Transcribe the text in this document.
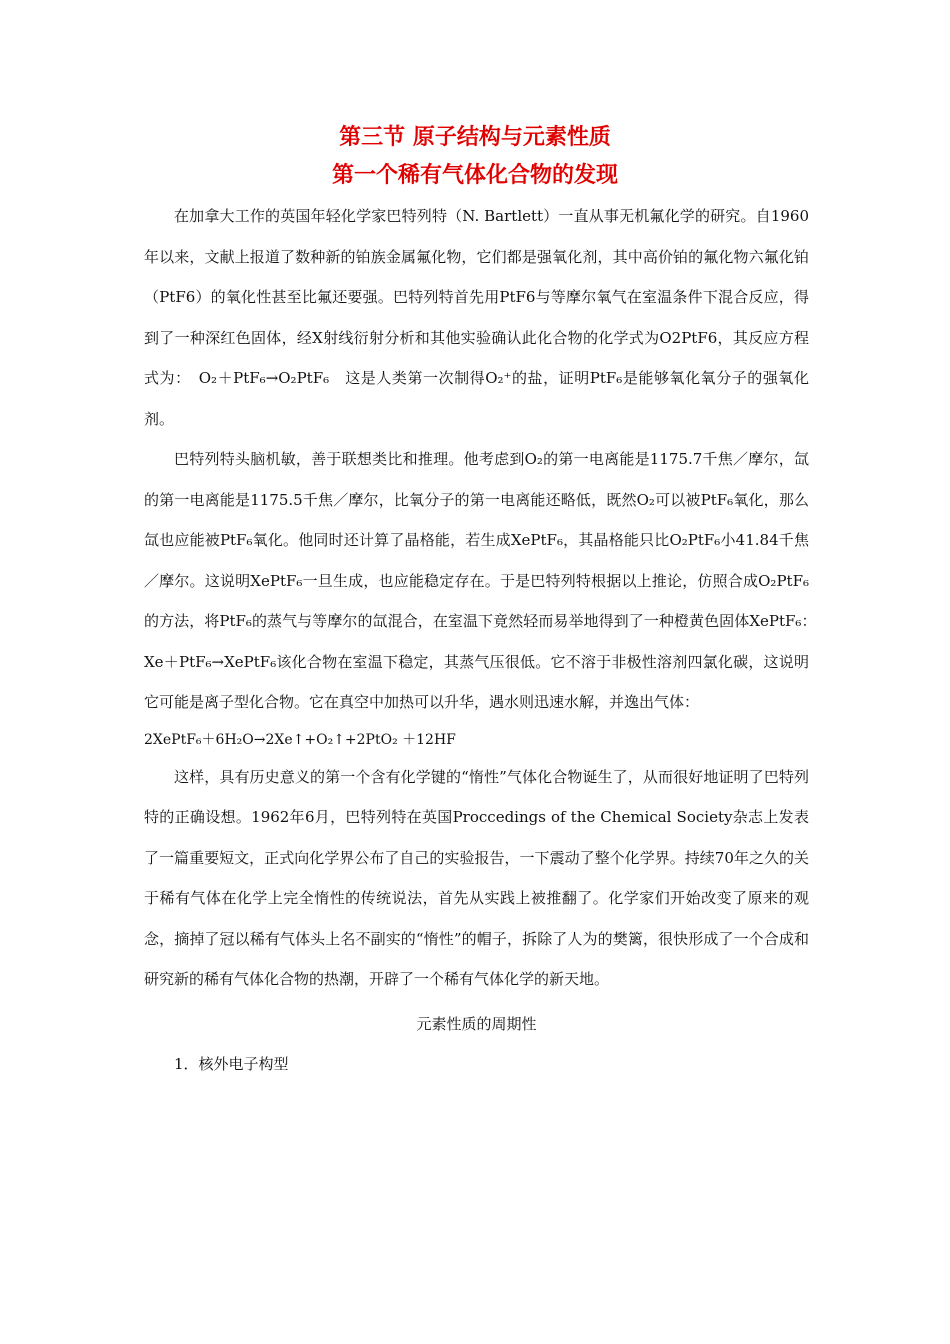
第三节 原子结构与元素性质
第一个稀有气体化合物的发现

在加拿大工作的英国年轻化学家巴特列特（N. Bartlett）一直从事无机氟化学的研究。自1960年以来，文献上报道了数种新的铂族金属氟化物，它们都是强氧化剂，其中高价铂的氟化物六氟化铂（PtF6）的氧化性甚至比氟还要强。巴特列特首先用PtF6与等摩尔氧气在室温条件下混合反应，得到了一种深红色固体，经X射线衍射分析和其他实验确认此化合物的化学式为O2PtF6，其反应方程式为：　 O₂＋PtF₆→O₂PtF₆　 这是人类第一次制得O₂⁺的盐，证明PtF₆是能够氧化氧分子的强氧化剂。

巴特列特头脑机敏，善于联想类比和推理。他考虑到O₂的第一电离能是1175.7千焦／摩尔，氙的第一电离能是1175.5千焦／摩尔，比氧分子的第一电离能还略低，既然O₂可以被PtF₆氧化，那么氙也应能被PtF₆氧化。他同时还计算了晶格能，若生成XePtF₆，其晶格能只比O₂PtF₆小41.84千焦／摩尔。这说明XePtF₆一旦生成，也应能稳定存在。于是巴特列特根据以上推论，仿照合成O₂PtF₆的方法，将PtF₆的蒸气与等摩尔的氙混合，在室温下竟然轻而易举地得到了一种橙黄色固体XePtF₆：　Xe＋PtF₆→XePtF₆该化合物在室温下稳定，其蒸气压很低。它不溶于非极性溶剂四氯化碳，这说明它可能是离子型化合物。它在真空中加热可以升华，遇水则迅速水解，并逸出气体：

2XePtF₆＋6H₂O→2Xe↑+O₂↑+2PtO₂ ＋12HF

这样，具有历史意义的第一个含有化学键的“惰性”气体化合物诞生了，从而很好地证明了巴特列特的正确设想。1962年6月，巴特列特在英国Proccedings of the Chemical Society杂志上发表了一篇重要短文，正式向化学界公布了自己的实验报告，一下震动了整个化学界。持续70年之久的关于稀有气体在化学上完全惰性的传统说法，首先从实践上被推翻了。化学家们开始改变了原来的观念，摘掉了冠以稀有气体头上名不副实的“惰性”的帽子，拆除了人为的樊篱，很快形成了一个合成和研究新的稀有气体化合物的热潮，开辟了一个稀有气体化学的新天地。

元素性质的周期性

1．核外电子构型
